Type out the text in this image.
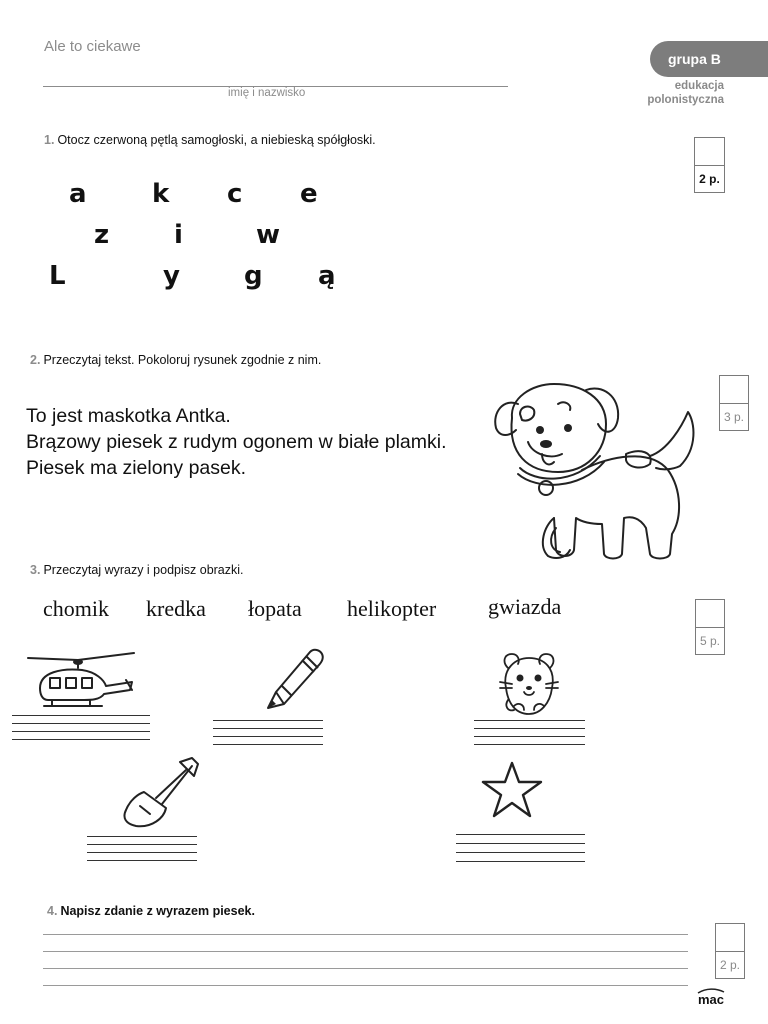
Ale to ciekawe
imię i nazwisko
grupa B
edukacja
polonistyczna
1. Otocz czerwoną pętlą samogłoski, a niebieską spółgłoski.
a	k c e
z i	w
L	y g ą
2 p.
2. Przeczytaj tekst. Pokoloruj rysunek zgodnie z nim.
To jest maskotka Antka.
Brązowy piesek z rudym ogonem w białe plamki.
Piesek ma zielony pasek.
3 p.
3. Przeczytaj wyrazy i podpisz obrazki.
chomik kredka łopata helikopter gwiazda
5 p.
4. Napisz zdanie z wyrazem piesek.
2 p.
mac
